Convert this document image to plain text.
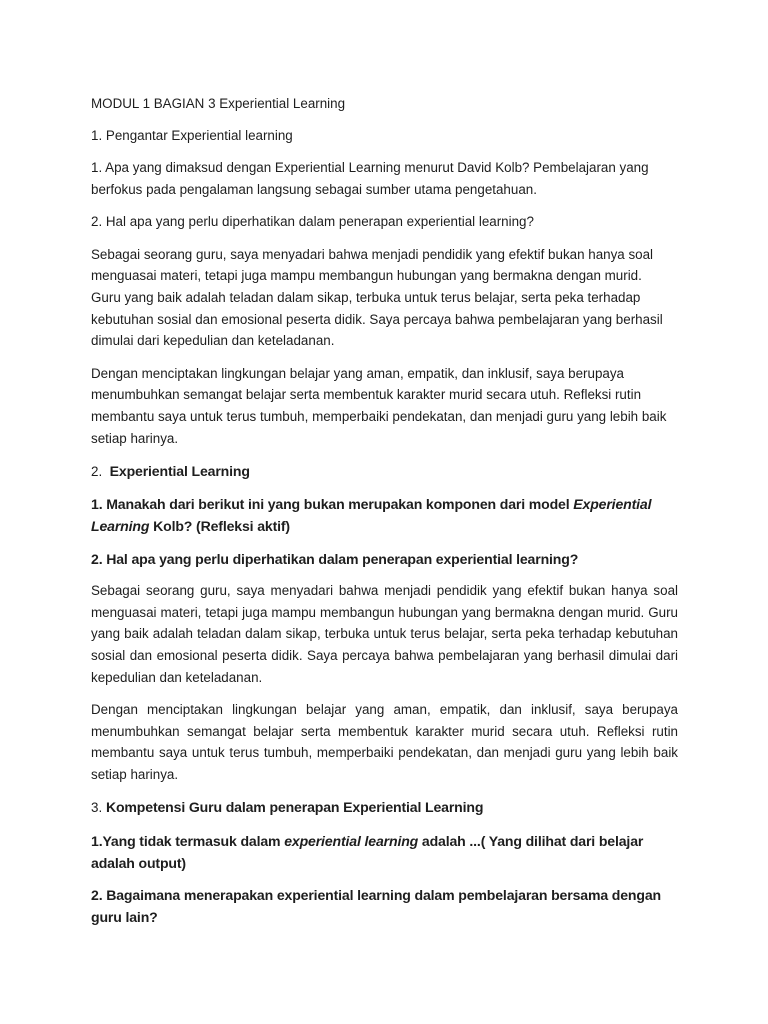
MODUL 1 BAGIAN 3 Experiential Learning

1. Pengantar Experiential learning

1. Apa yang dimaksud dengan Experiential Learning menurut David Kolb? Pembelajaran yang berfokus pada pengalaman langsung sebagai sumber utama pengetahuan.

2. Hal apa yang perlu diperhatikan dalam penerapan experiential learning?

Sebagai seorang guru, saya menyadari bahwa menjadi pendidik yang efektif bukan hanya soal menguasai materi, tetapi juga mampu membangun hubungan yang bermakna dengan murid. Guru yang baik adalah teladan dalam sikap, terbuka untuk terus belajar, serta peka terhadap kebutuhan sosial dan emosional peserta didik. Saya percaya bahwa pembelajaran yang berhasil dimulai dari kepedulian dan keteladanan.

Dengan menciptakan lingkungan belajar yang aman, empatik, dan inklusif, saya berupaya menumbuhkan semangat belajar serta membentuk karakter murid secara utuh. Refleksi rutin membantu saya untuk terus tumbuh, memperbaiki pendekatan, dan menjadi guru yang lebih baik setiap harinya.

2. Experiential Learning

1. Manakah dari berikut ini yang bukan merupakan komponen dari model Experiential Learning Kolb? (Refleksi aktif)

2. Hal apa yang perlu diperhatikan dalam penerapan experiential learning?

Sebagai seorang guru, saya menyadari bahwa menjadi pendidik yang efektif bukan hanya soal menguasai materi, tetapi juga mampu membangun hubungan yang bermakna dengan murid. Guru yang baik adalah teladan dalam sikap, terbuka untuk terus belajar, serta peka terhadap kebutuhan sosial dan emosional peserta didik. Saya percaya bahwa pembelajaran yang berhasil dimulai dari kepedulian dan keteladanan.

Dengan menciptakan lingkungan belajar yang aman, empatik, dan inklusif, saya berupaya menumbuhkan semangat belajar serta membentuk karakter murid secara utuh. Refleksi rutin membantu saya untuk terus tumbuh, memperbaiki pendekatan, dan menjadi guru yang lebih baik setiap harinya.

3. Kompetensi Guru dalam penerapan Experiential Learning

1.Yang tidak termasuk dalam experiential learning adalah ...( Yang dilihat dari belajar adalah output)

2. Bagaimana menerapakan experiential learning dalam pembelajaran bersama dengan guru lain?
